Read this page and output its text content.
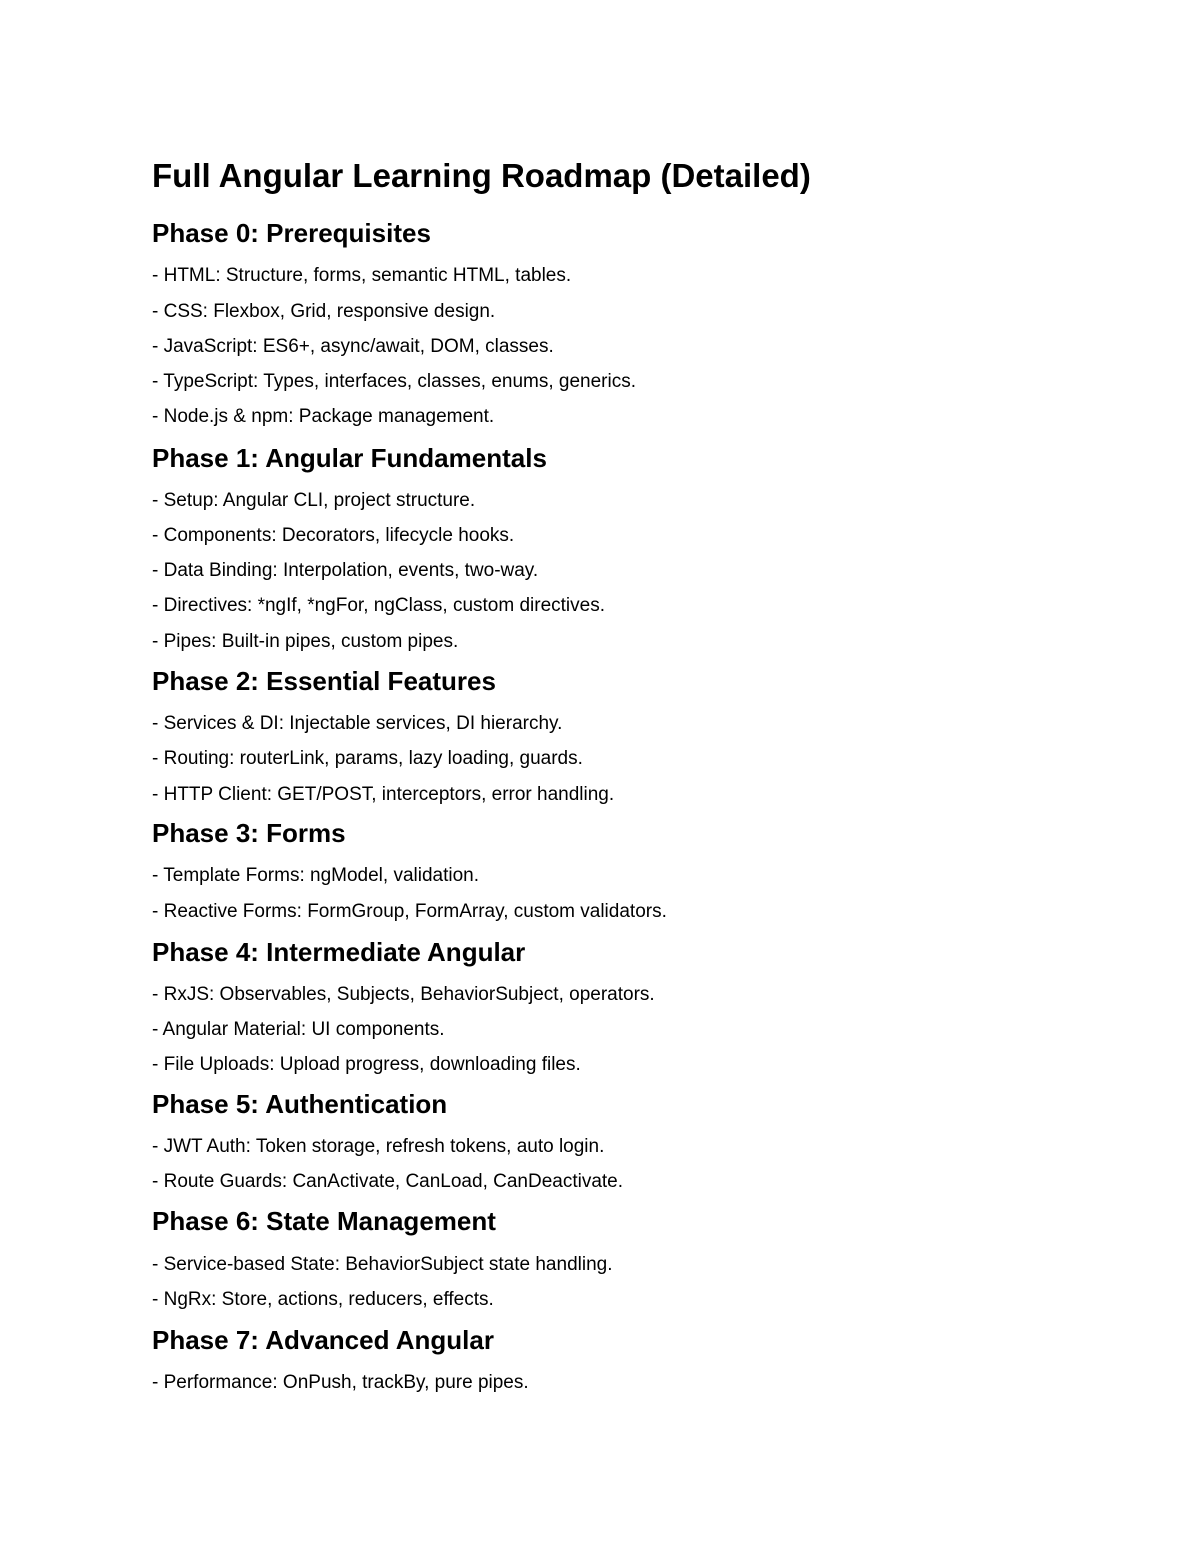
Full Angular Learning Roadmap (Detailed)
Phase 0: Prerequisites

- HTML: Structure, forms, semantic HTML, tables.

- CSS: Flexbox, Grid, responsive design.

- JavaScript: ES6+, async/await, DOM, classes.

- TypeScript: Types, interfaces, classes, enums, generics.

- Node.js & npm: Package management.

Phase 1: Angular Fundamentals

- Setup: Angular CLI, project structure.

- Components: Decorators, lifecycle hooks.

- Data Binding: Interpolation, events, two-way.

- Directives: *ngIf, *ngFor, ngClass, custom directives.

- Pipes: Built-in pipes, custom pipes.

Phase 2: Essential Features

- Services & DI: Injectable services, DI hierarchy.

- Routing: routerLink, params, lazy loading, guards.

- HTTP Client: GET/POST, interceptors, error handling.

Phase 3: Forms

- Template Forms: ngModel, validation.

- Reactive Forms: FormGroup, FormArray, custom validators.

Phase 4: Intermediate Angular

- RxJS: Observables, Subjects, BehaviorSubject, operators.

- Angular Material: UI components.

- File Uploads: Upload progress, downloading files.

Phase 5: Authentication

- JWT Auth: Token storage, refresh tokens, auto login.

- Route Guards: CanActivate, CanLoad, CanDeactivate.

Phase 6: State Management

- Service-based State: BehaviorSubject state handling.

- NgRx: Store, actions, reducers, effects.

Phase 7: Advanced Angular

- Performance: OnPush, trackBy, pure pipes.
